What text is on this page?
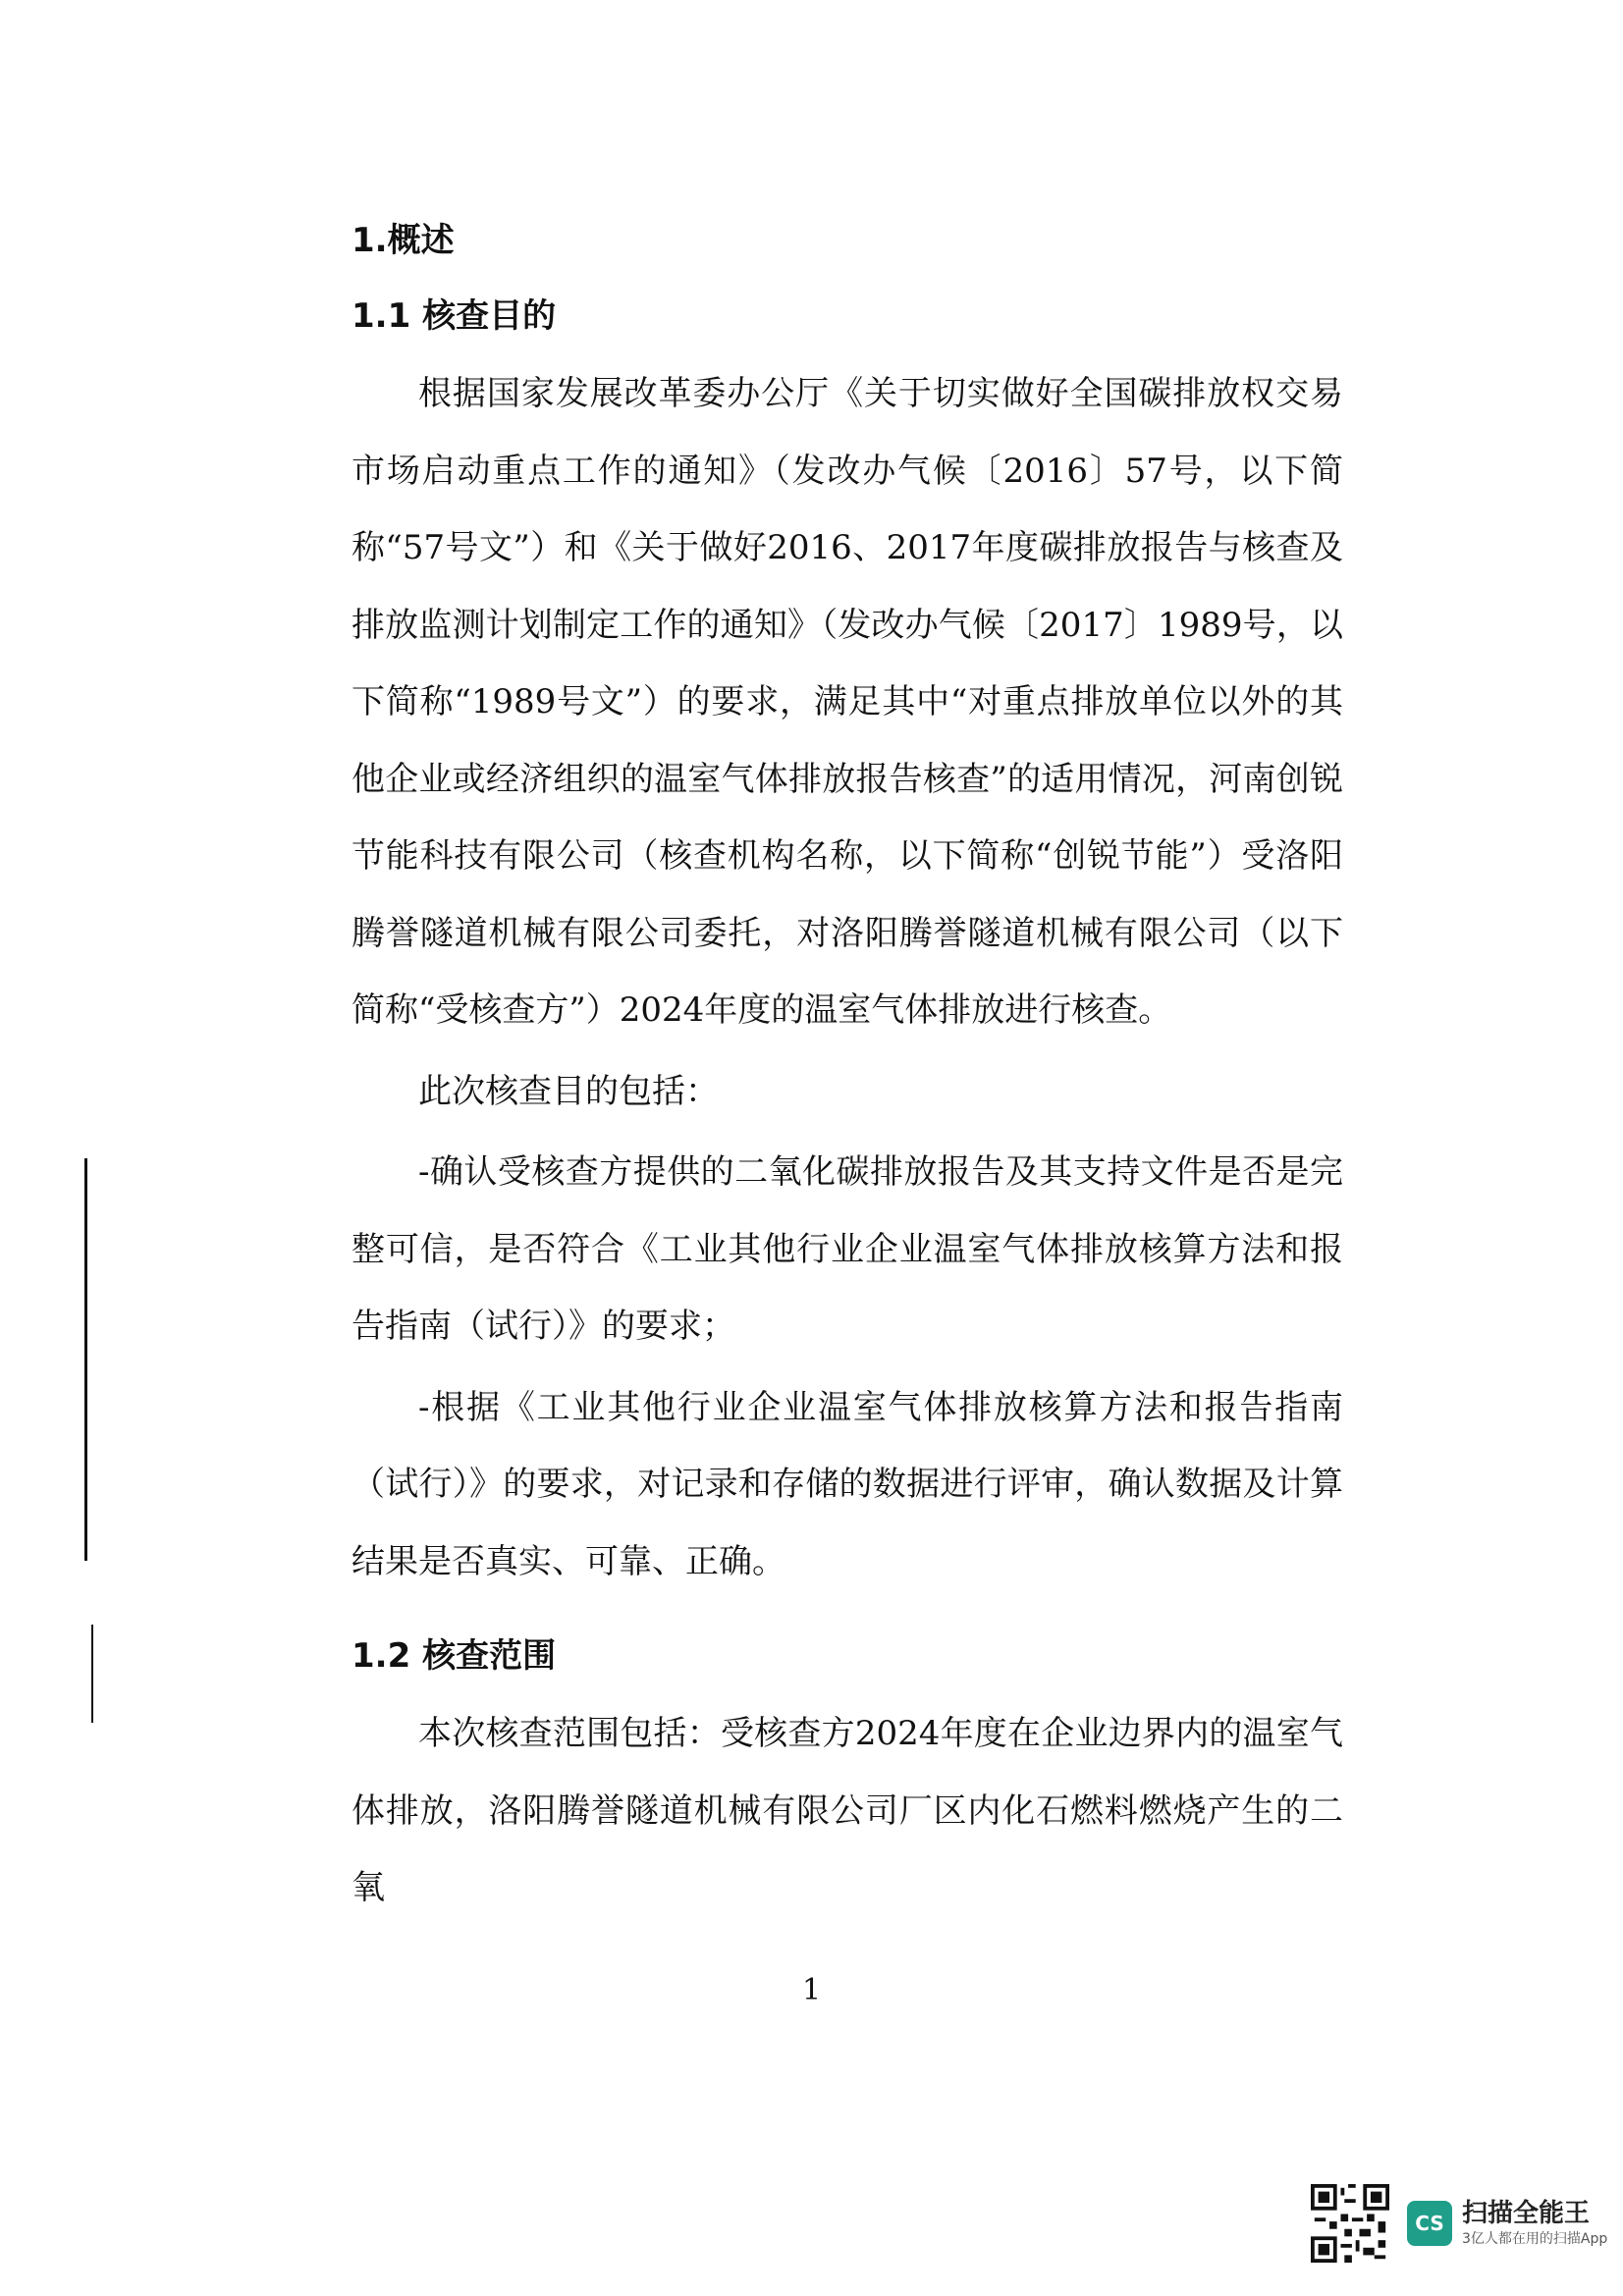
1.概述
1.1 核查目的

根据国家发展改革委办公厅《关于切实做好全国碳排放权交易市场启动重点工作的通知》（发改办气候〔2016〕57号，以下简称“57号文”）和《关于做好2016、2017年度碳排放报告与核查及排放监测计划制定工作的通知》（发改办气候〔2017〕1989号，以下简称“1989号文”）的要求，满足其中“对重点排放单位以外的其他企业或经济组织的温室气体排放报告核查”的适用情况，河南创锐节能科技有限公司（核查机构名称，以下简称“创锐节能”）受洛阳腾誉隧道机械有限公司委托，对洛阳腾誉隧道机械有限公司（以下简称“受核查方”）2024年度的温室气体排放进行核查。

此次核查目的包括：

-确认受核查方提供的二氧化碳排放报告及其支持文件是否是完整可信，是否符合《工业其他行业企业温室气体排放核算方法和报告指南（试行）》的要求；

-根据《工业其他行业企业温室气体排放核算方法和报告指南（试行）》的要求，对记录和存储的数据进行评审，确认数据及计算结果是否真实、可靠、正确。

1.2 核查范围

本次核查范围包括：受核查方2024年度在企业边界内的温室气体排放，洛阳腾誉隧道机械有限公司厂区内化石燃料燃烧产生的二氧

1
CS 扫描全能王
3亿人都在用的扫描App
